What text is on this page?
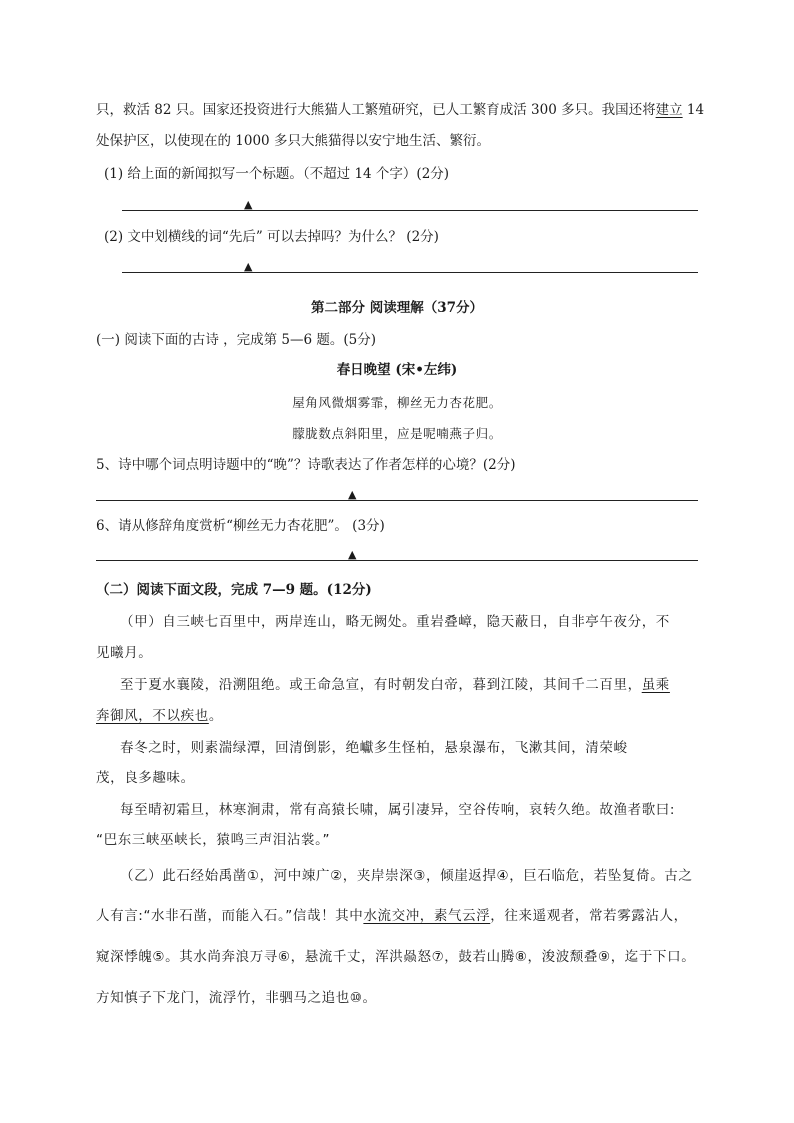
只，救活 82 只。国家还投资进行大熊猫人工繁殖研究，已人工繁育成活 300 多只。我国还将建立 14
处保护区，以使现在的 1000 多只大熊猫得以安宁地生活、繁衍。
(1) 给上面的新闻拟写一个标题。（不超过 14 个字）(2分)
▲
(2) 文中划横线的词“先后” 可以去掉吗？为什么？ (2分)
▲
第二部分 阅读理解（37分）
(一) 阅读下面的古诗 ，完成第 5—6 题。(5分)
春日晚望 (宋•左纬)
屋角风微烟雾霏，柳丝无力杏花肥。
朦胧数点斜阳里，应是呢喃燕子归。
5、诗中哪个词点明诗题中的“晚”？诗歌表达了作者怎样的心境？(2分)
▲
6、请从修辞角度赏析“柳丝无力杏花肥”。 (3分)
▲
（二）阅读下面文段，完成 7—9 题。(12分)
（甲）自三峡七百里中，两岸连山，略无阙处。重岩叠嶂，隐天蔽日，自非亭午夜分，不
见曦月。
至于夏水襄陵，沿溯阻绝。或王命急宣，有时朝发白帝，暮到江陵，其间千二百里，虽乘
奔御风，不以疾也。
春冬之时，则素湍绿潭，回清倒影，绝巘多生怪柏，悬泉瀑布，飞漱其间，清荣峻
茂，良多趣味。
每至晴初霜旦，林寒涧肃，常有高猿长啸，属引凄异，空谷传响，哀转久绝。故渔者歌曰:
“巴东三峡巫峡长，猿鸣三声泪沾裳。”
（乙）此石经始禹凿①，河中竦广②，夹岸崇深③，倾崖返捍④，巨石临危，若坠复倚。古之
人有言:“水非石凿，而能入石。”信哉！其中水流交冲，素气云浮，往来遥观者，常若雾露沾人，
窥深悸魄⑤。其水尚奔浪万寻⑥，悬流千丈，浑洪赑怒⑦，鼓若山腾⑧，浚波颓叠⑨，迄于下口。
方知慎子下龙门，流浮竹，非驷马之追也⑩。
